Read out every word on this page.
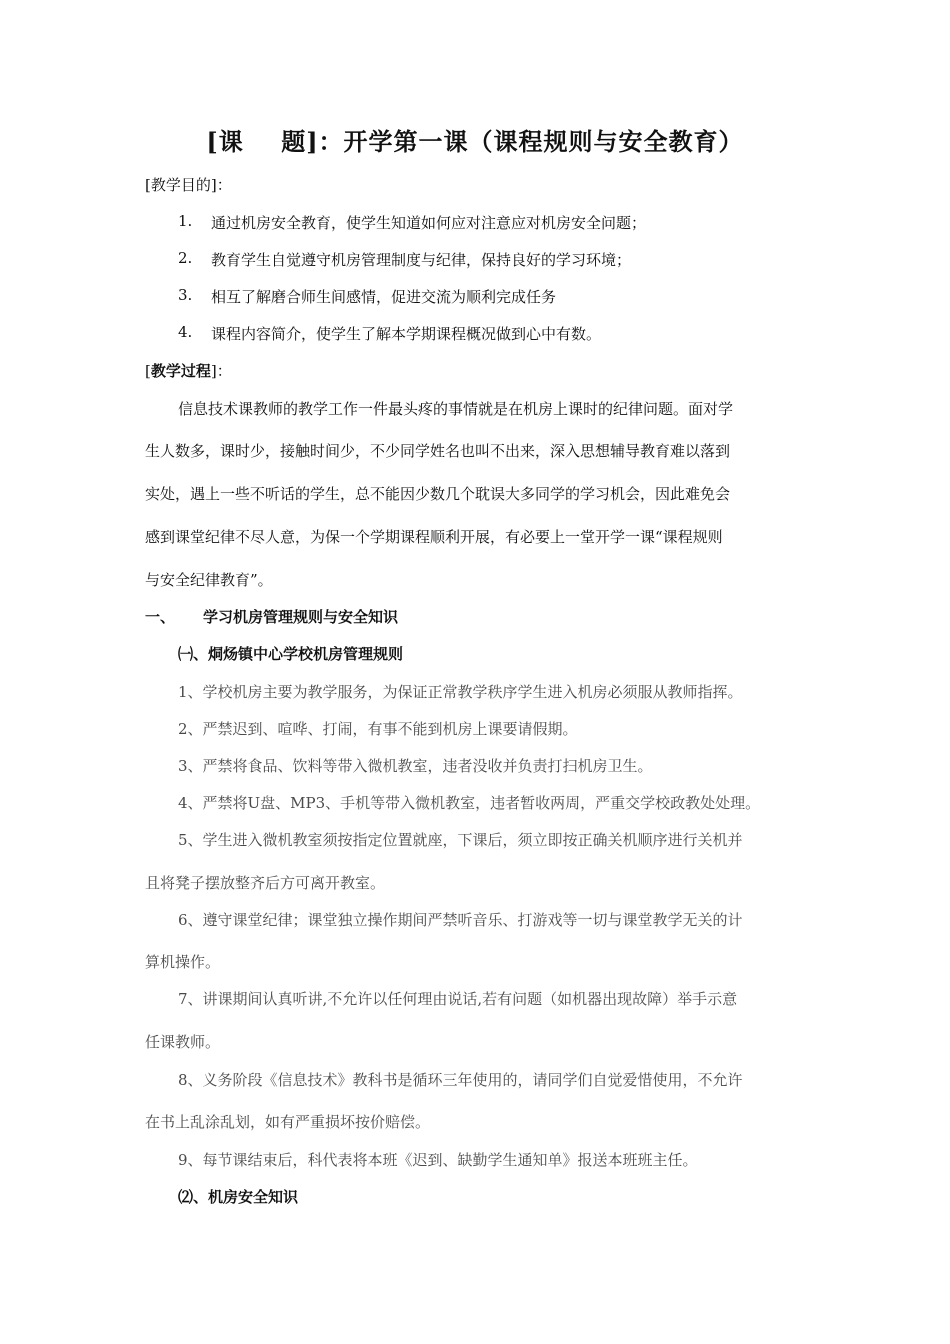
[课    题]：开学第一课（课程规则与安全教育）
[教学目的]：
1. 通过机房安全教育，使学生知道如何应对注意应对机房安全问题；
2. 教育学生自觉遵守机房管理制度与纪律，保持良好的学习环境；
3. 相互了解磨合师生间感情，促进交流为顺利完成任务
4. 课程内容简介，使学生了解本学期课程概况做到心中有数。
[教学过程]：
信息技术课教师的教学工作一件最头疼的事情就是在机房上课时的纪律问题。面对学
生人数多，课时少，接触时间少，不少同学姓名也叫不出来，深入思想辅导教育难以落到
实处，遇上一些不听话的学生，总不能因少数几个耽误大多同学的学习机会，因此难免会
感到课堂纪律不尽人意，为保一个学期课程顺利开展，有必要上一堂开学一课“课程规则
与安全纪律教育”。
一、 学习机房管理规则与安全知识
㈠、烔炀镇中心学校机房管理规则
1、学校机房主要为教学服务，为保证正常教学秩序学生进入机房必须服从教师指挥。
2、严禁迟到、喧哗、打闹，有事不能到机房上课要请假期。
3、严禁将食品、饮料等带入微机教室，违者没收并负责打扫机房卫生。
4、严禁将U盘、MP3、手机等带入微机教室，违者暂收两周，严重交学校政教处处理。
5、学生进入微机教室须按指定位置就座，下课后，须立即按正确关机顺序进行关机并
且将凳子摆放整齐后方可离开教室。
6、遵守课堂纪律；课堂独立操作期间严禁听音乐、打游戏等一切与课堂教学无关的计
算机操作。
7、讲课期间认真听讲,不允许以任何理由说话,若有问题（如机器出现故障）举手示意
任课教师。
8、义务阶段《信息技术》教科书是循环三年使用的，请同学们自觉爱惜使用，不允许
在书上乱涂乱划，如有严重损坏按价赔偿。
9、每节课结束后，科代表将本班《迟到、缺勤学生通知单》报送本班班主任。
⑵、机房安全知识
